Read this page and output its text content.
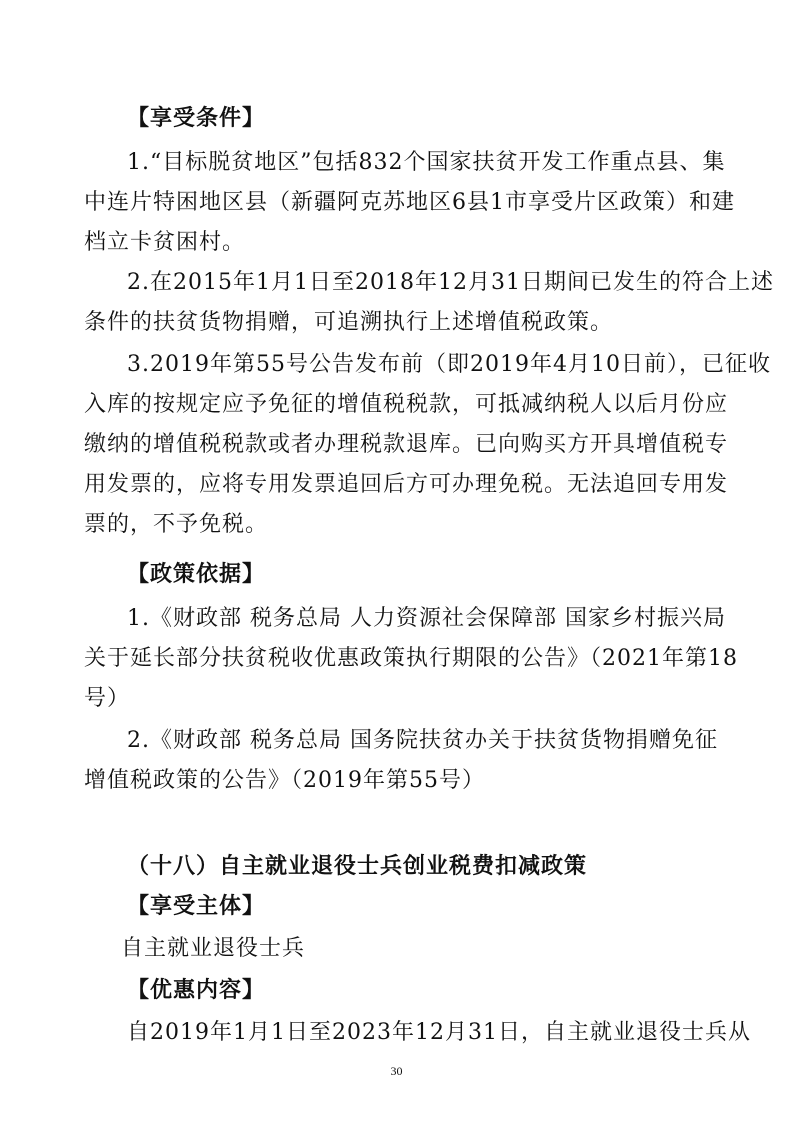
【享受条件】
1.“目标脱贫地区”包括832个国家扶贫开发工作重点县、集
中连片特困地区县（新疆阿克苏地区6县1市享受片区政策）和建
档立卡贫困村。
2.在2015年1月1日至2018年12月31日期间已发生的符合上述
条件的扶贫货物捐赠，可追溯执行上述增值税政策。
3.2019年第55号公告发布前（即2019年4月10日前），已征收
入库的按规定应予免征的增值税税款，可抵减纳税人以后月份应
缴纳的增值税税款或者办理税款退库。已向购买方开具增值税专
用发票的，应将专用发票追回后方可办理免税。无法追回专用发
票的，不予免税。
【政策依据】
1.《财政部 税务总局 人力资源社会保障部 国家乡村振兴局
关于延长部分扶贫税收优惠政策执行期限的公告》（2021年第18
号）
2.《财政部 税务总局 国务院扶贫办关于扶贫货物捐赠免征
增值税政策的公告》（2019年第55号）
（十八）自主就业退役士兵创业税费扣减政策
【享受主体】
自主就业退役士兵
【优惠内容】
自2019年1月1日至2023年12月31日，自主就业退役士兵从
30
